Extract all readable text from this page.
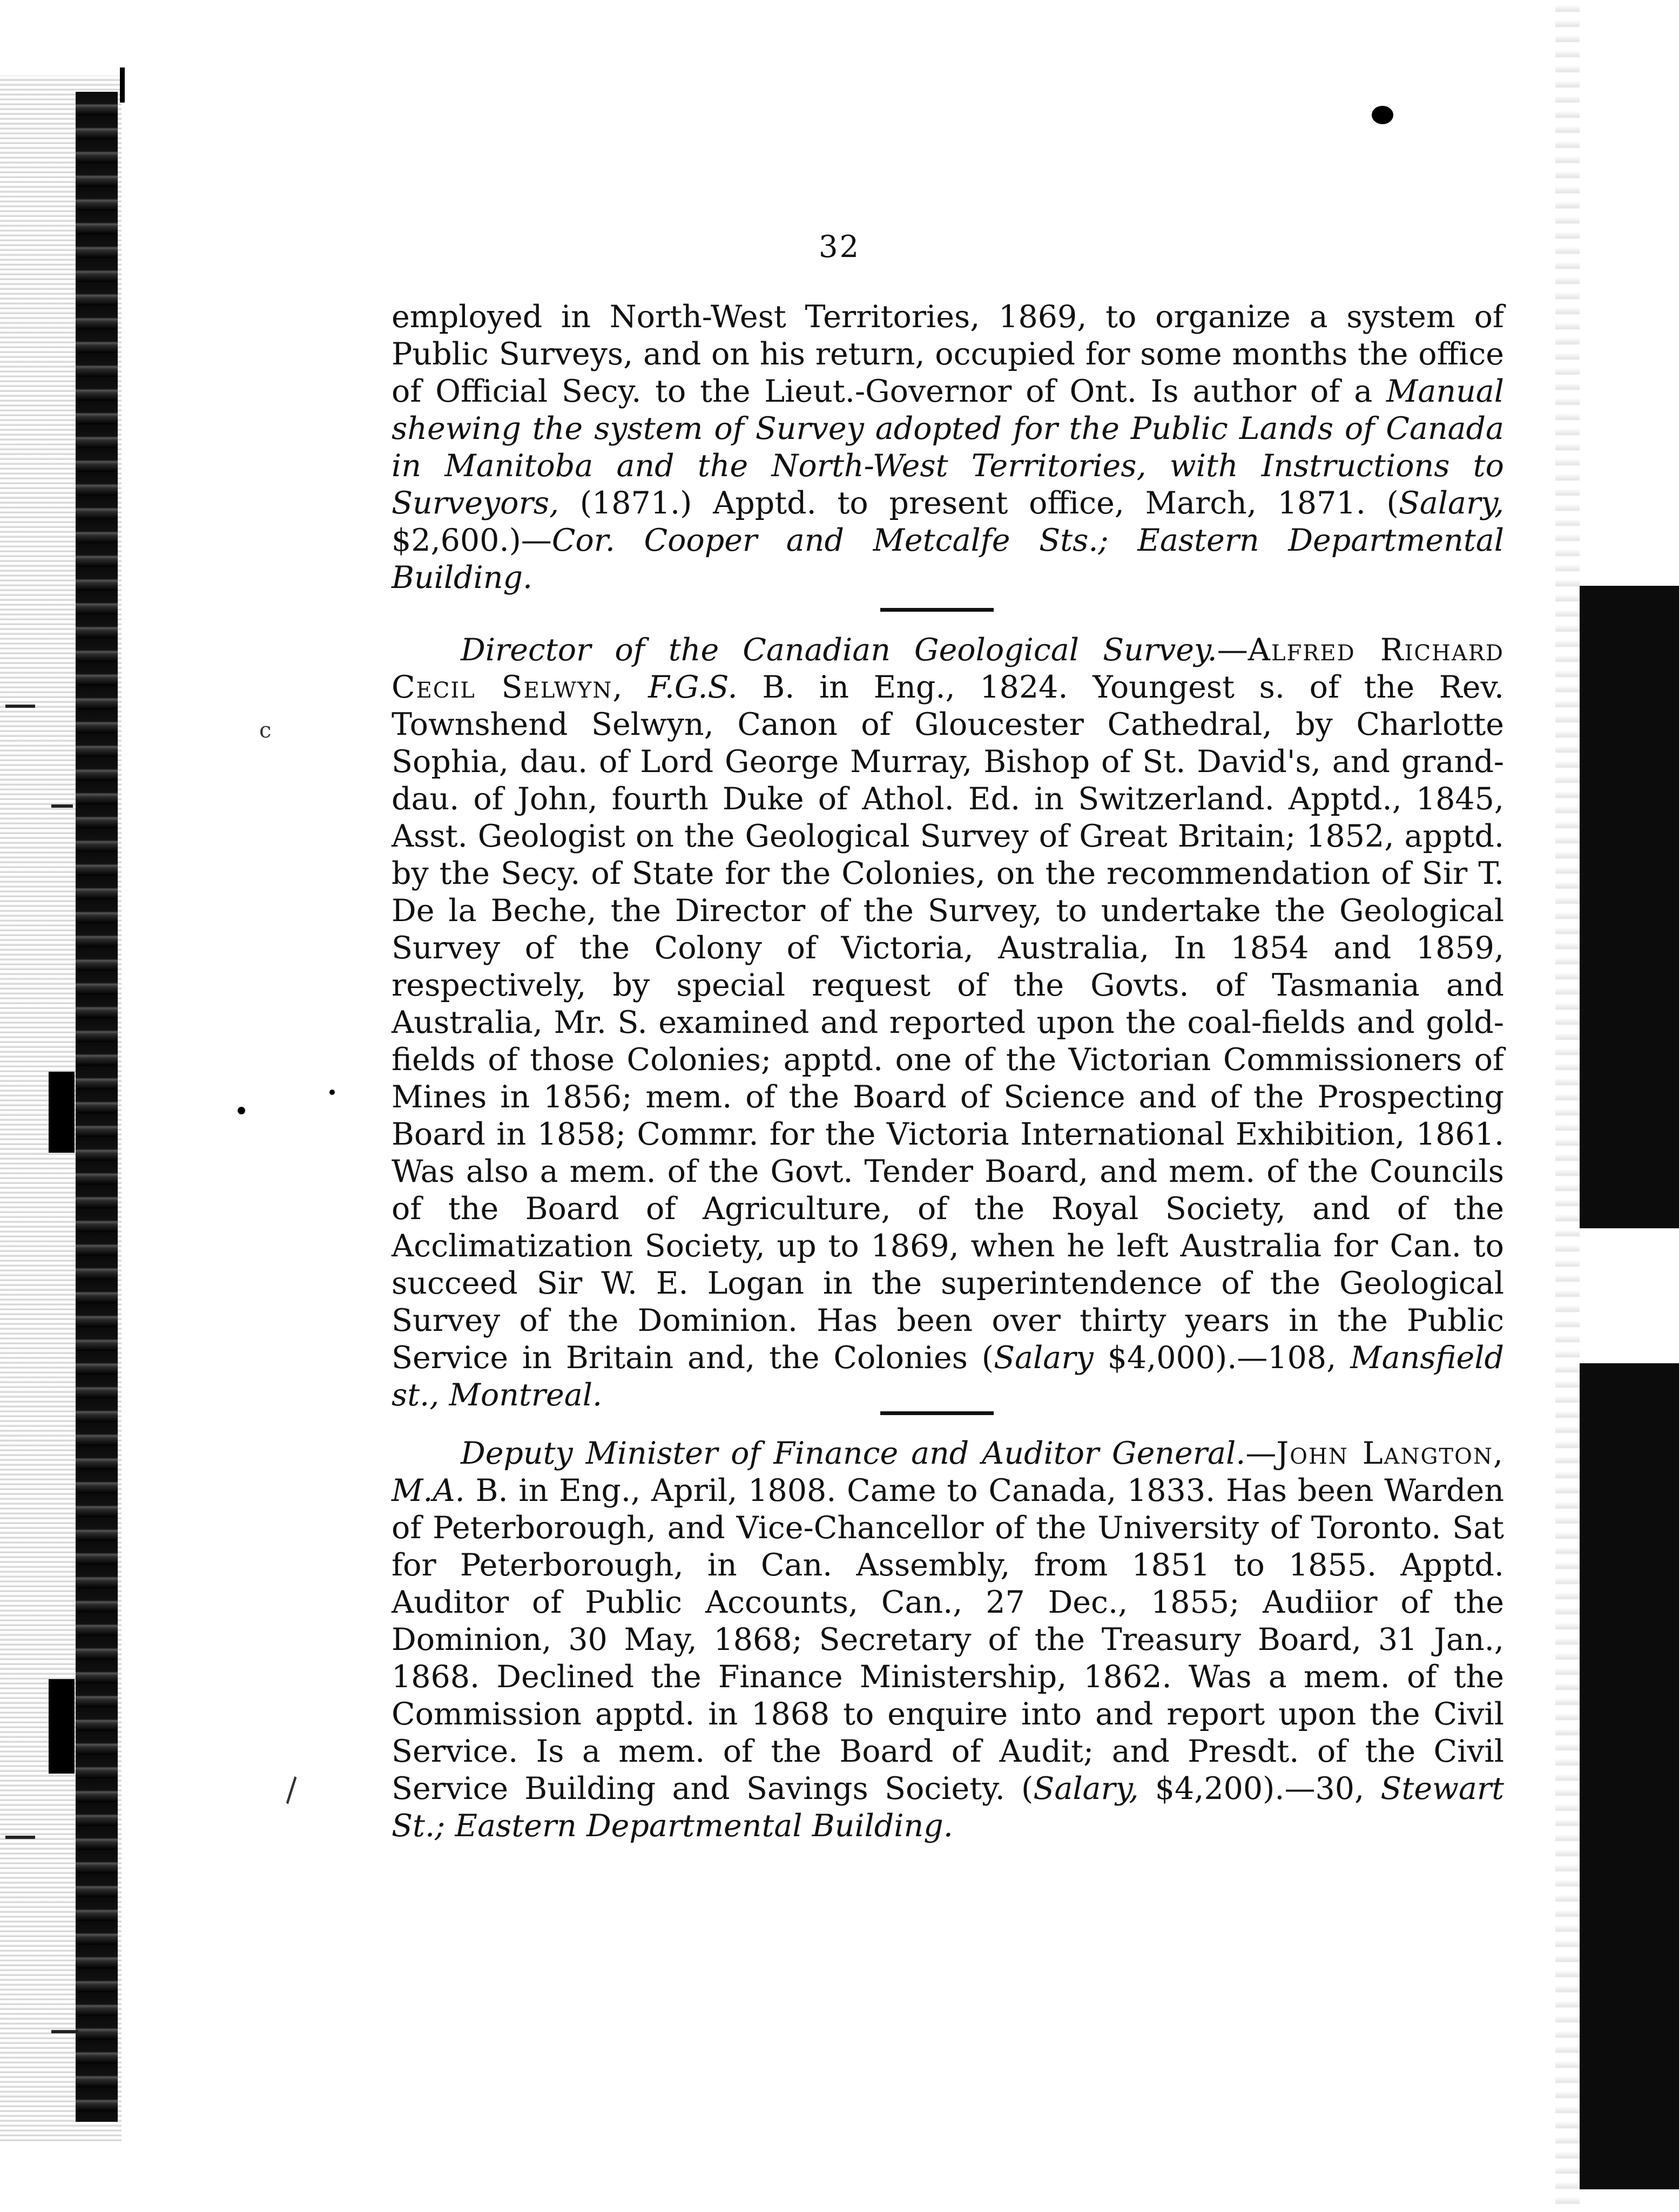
\
c
32

employed in North-West Territories, 1869, to organize a system of Public Surveys, and on his return, occupied for some months the office of Official Secy. to the Lieut.-Governor of Ont. Is author of a Manual shewing the system of Survey adopted for the Public Lands of Canada in Manitoba and the North-West Territories, with Instructions to Surveyors, (1871.) Apptd. to present office, March, 1871. (Salary, $2,600.)—Cor. Cooper and Metcalfe Sts.; Eastern Departmental Building.

Director of the Canadian Geological Survey.—Alfred Richard Cecil Selwyn, F.G.S. B. in Eng., 1824. Youngest s. of the Rev. Townshend Selwyn, Canon of Gloucester Cathedral, by Charlotte Sophia, dau. of Lord George Murray, Bishop of St. David's, and grand-dau. of John, fourth Duke of Athol. Ed. in Switzerland. Apptd., 1845, Asst. Geologist on the Geological Survey of Great Britain; 1852, apptd. by the Secy. of State for the Colonies, on the recommendation of Sir T. De la Beche, the Director of the Survey, to undertake the Geological Survey of the Colony of Victoria, Australia, In 1854 and 1859, respectively, by special request of the Govts. of Tasmania and Australia, Mr. S. examined and reported upon the coal-fields and gold-fields of those Colonies; apptd. one of the Victorian Commissioners of Mines in 1856; mem. of the Board of Science and of the Prospecting Board in 1858; Commr. for the Victoria International Exhibition, 1861. Was also a mem. of the Govt. Tender Board, and mem. of the Councils of the Board of Agriculture, of the Royal Society, and of the Acclimatization Society, up to 1869, when he left Australia for Can. to succeed Sir W. E. Logan in the superintendence of the Geological Survey of the Dominion. Has been over thirty years in the Public Service in Britain and, the Colonies (Salary $4,000).—108, Mansfield st., Montreal.

Deputy Minister of Finance and Auditor General.—John Langton, M.A. B. in Eng., April, 1808. Came to Canada, 1833. Has been Warden of Peterborough, and Vice-Chancellor of the University of Toronto. Sat for Peterborough, in Can. Assembly, from 1851 to 1855. Apptd. Auditor of Public Accounts, Can., 27 Dec., 1855; Audiior of the Dominion, 30 May, 1868; Secretary of the Treasury Board, 31 Jan., 1868. Declined the Finance Ministership, 1862. Was a mem. of the Commission apptd. in 1868 to enquire into and report upon the Civil Service. Is a mem. of the Board of Audit; and Presdt. of the Civil Service Building and Savings Society. (Salary, $4,200).—30, Stewart St.; Eastern Departmental Building.
